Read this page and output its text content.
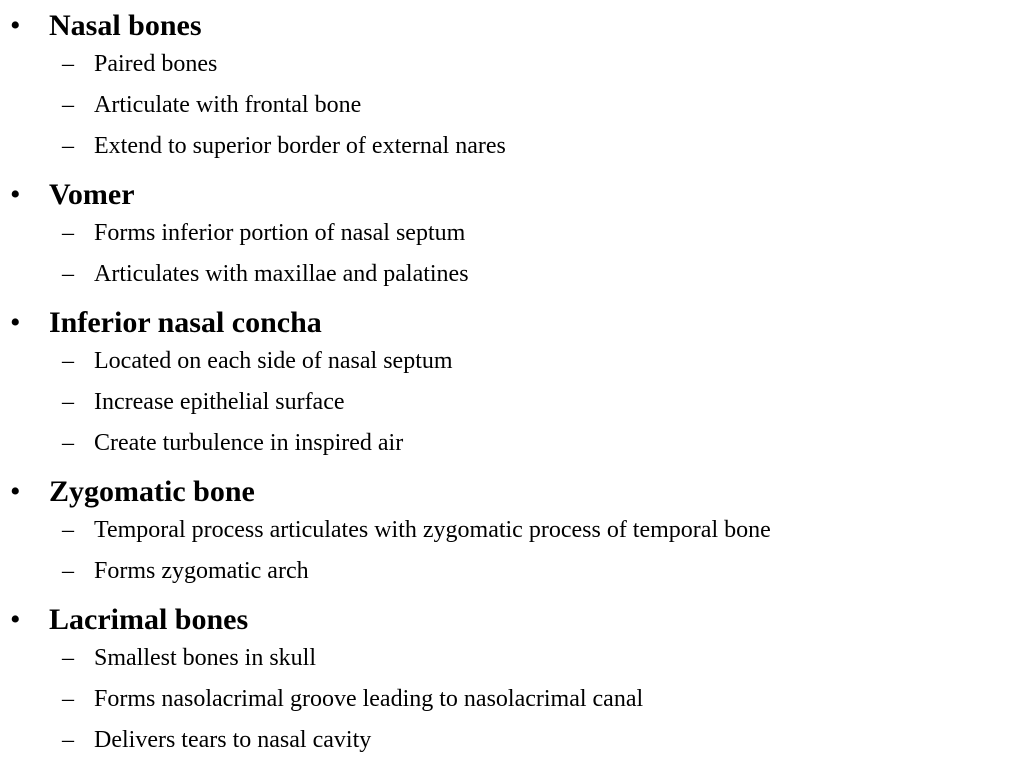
• Nasal bones
– Paired bones
– Articulate with frontal bone
– Extend to superior border of external nares
• Vomer
– Forms inferior portion of nasal septum
– Articulates with maxillae and palatines
• Inferior nasal concha
– Located on each side of nasal septum
– Increase epithelial surface
– Create turbulence in inspired air
• Zygomatic bone
– Temporal process articulates with zygomatic process of temporal bone
– Forms zygomatic arch
• Lacrimal bones
– Smallest bones in skull
– Forms nasolacrimal groove leading to nasolacrimal canal
– Delivers tears to nasal cavity
